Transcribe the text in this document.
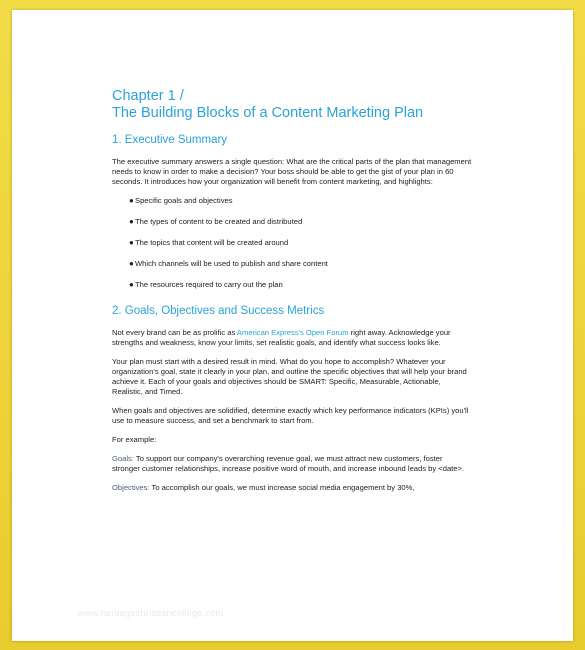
Chapter 1 /
The Building Blocks of a Content Marketing Plan
1. Executive Summary

The executive summary answers a single question: What are the critical parts of the plan that management needs to know in order to make a decision? Your boss should be able to get the gist of your plan in 60 seconds. It introduces how your organization will benefit from content marketing, and highlights:

● Specific goals and objectives
● The types of content to be created and distributed
● The topics that content will be created around
● Which channels will be used to publish and share content
● The resources required to carry out the plan
2. Goals, Objectives and Success Metrics

Not every brand can be as prolific as American Express's Open Forum right away. Acknowledge your strengths and weakness, know your limits, set realistic goals, and identify what success looks like.

Your plan must start with a desired result in mind. What do you hope to accomplish? Whatever your organization's goal, state it clearly in your plan, and outline the specific objectives that will help your brand achieve it. Each of your goals and objectives should be SMART: Specific, Measurable, Actionable, Realistic, and Timed.

When goals and objectives are solidified, determine exactly which key performance indicators (KPIs) you'll use to measure success, and set a benchmark to start from.

For example:

Goals: To support our company's overarching revenue goal, we must attract new customers, foster stronger customer relationships, increase positive word of mouth, and increase inbound leads by <date>.

Objectives: To accomplish our goals, we must increase social media engagement by 30%,

www.heritagechristiancollege.com
